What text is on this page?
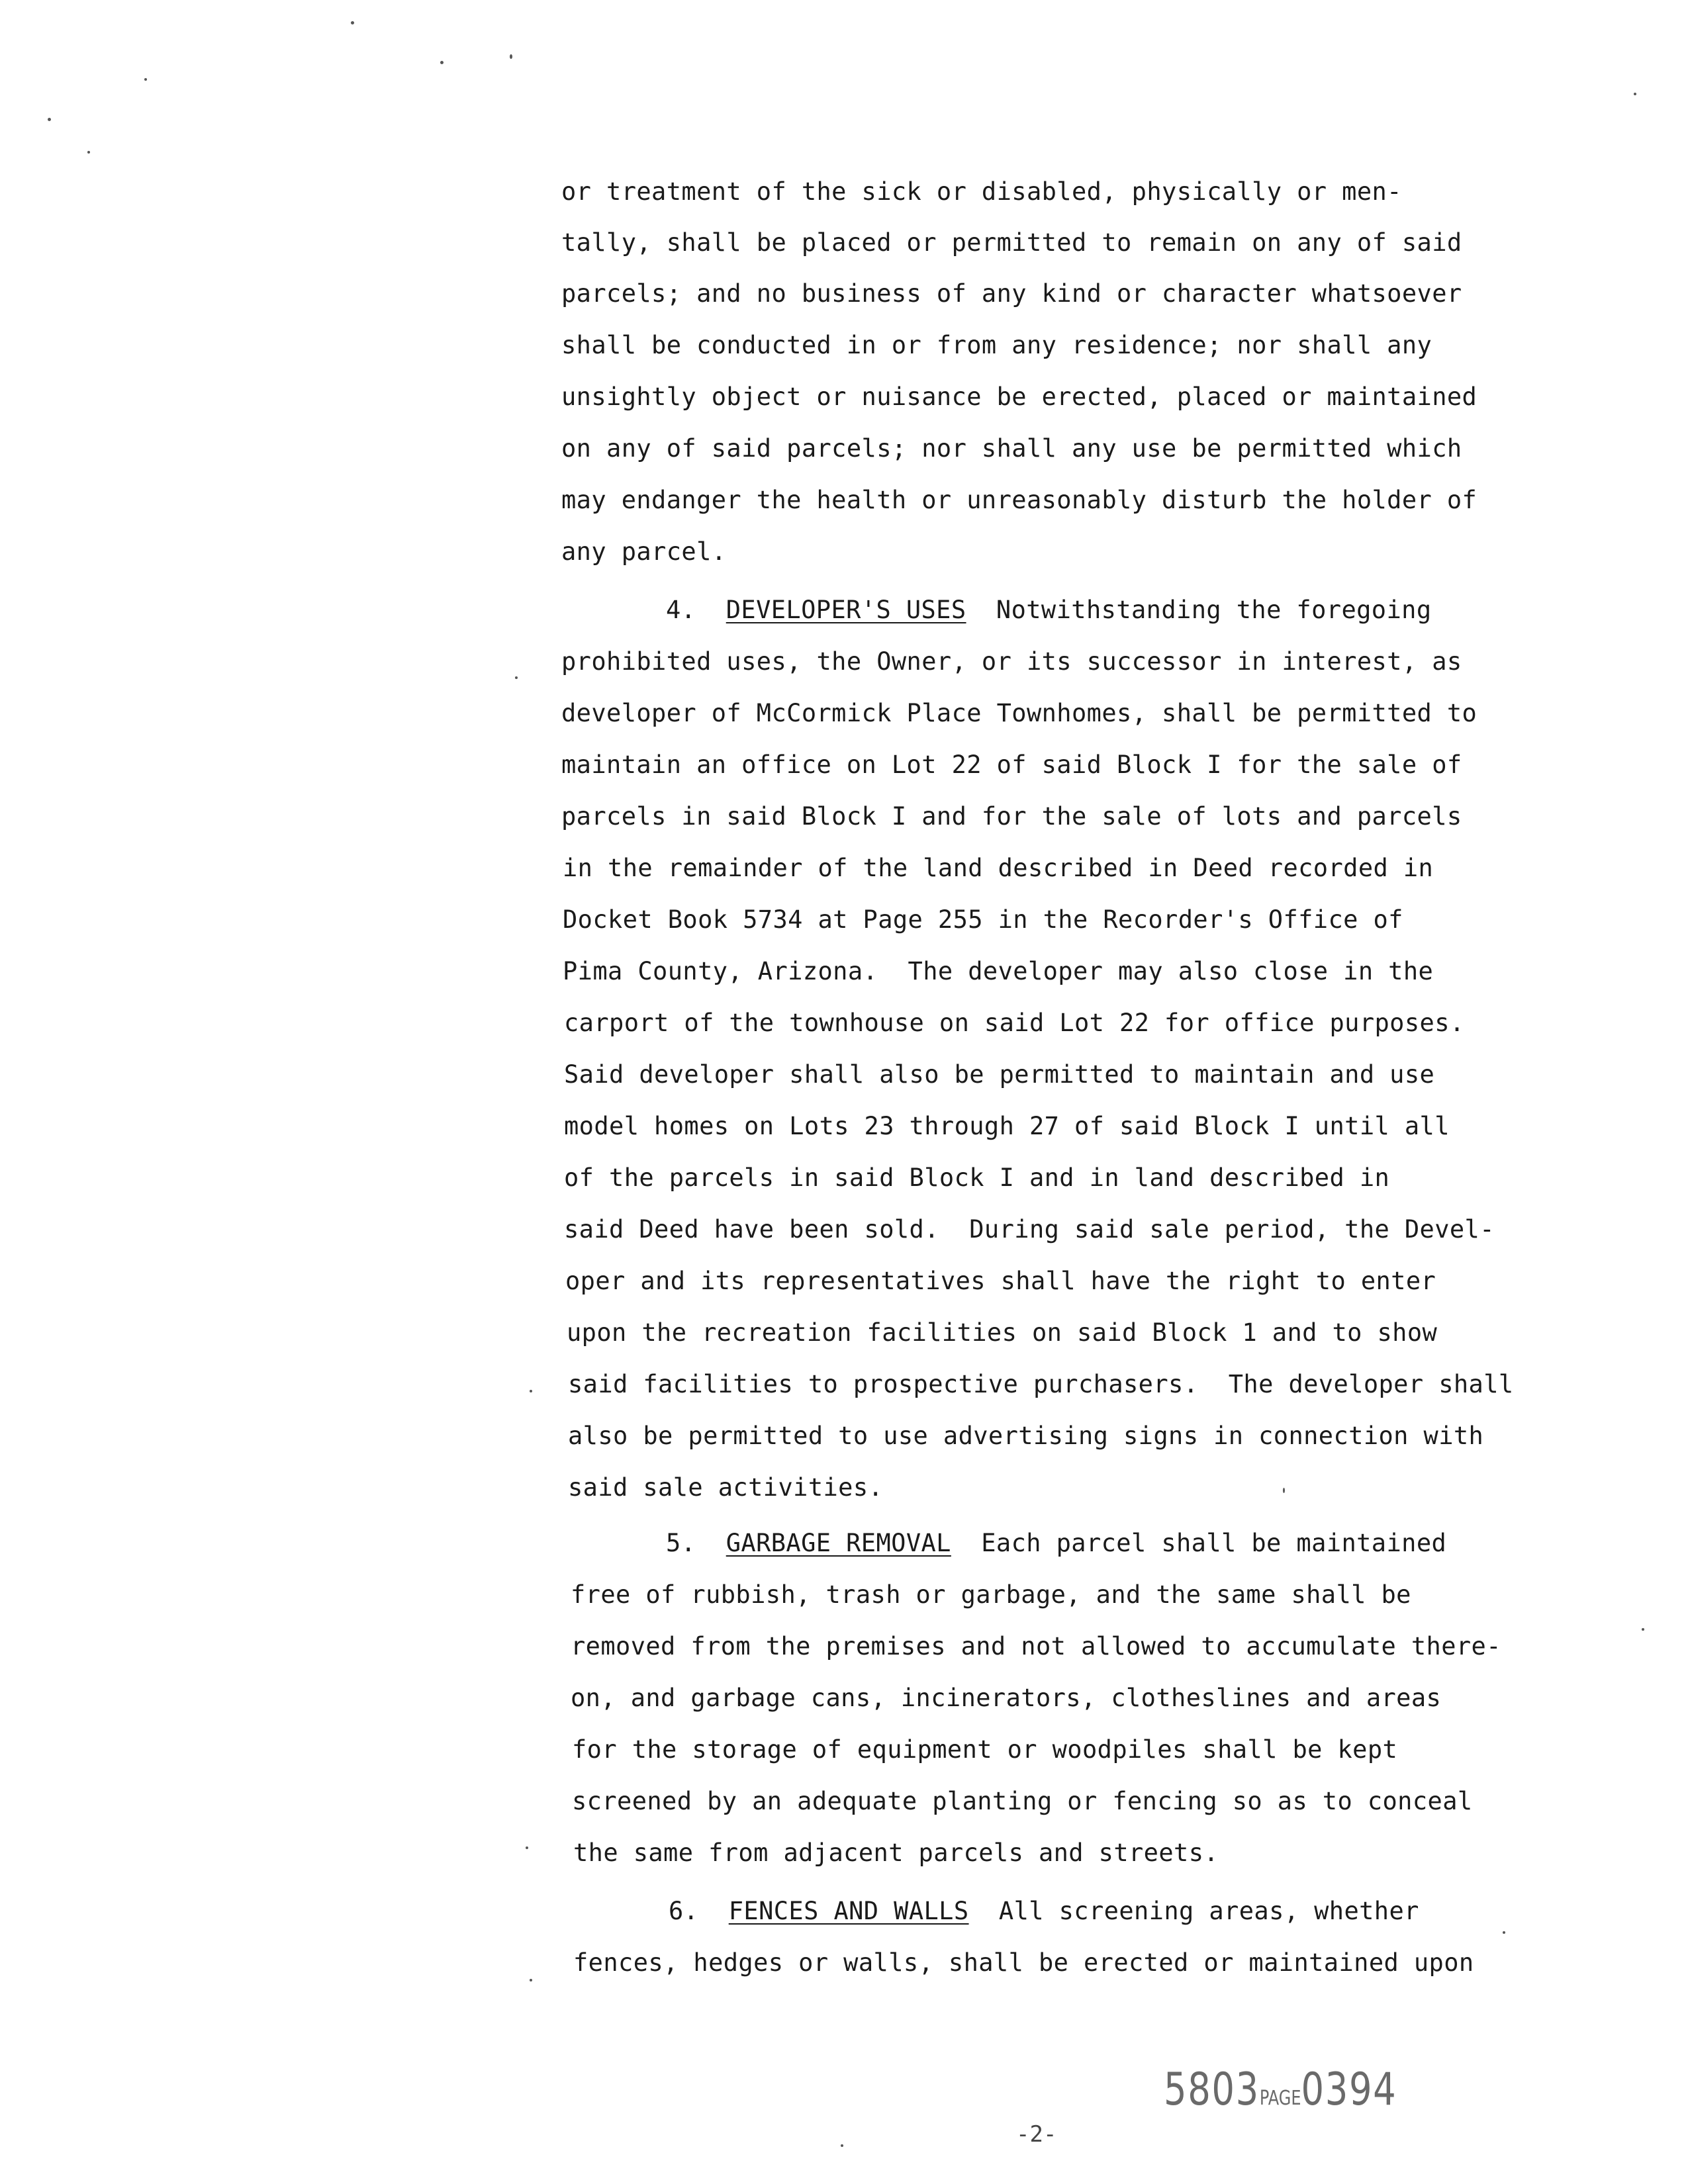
or treatment of the sick or disabled, physically or men-
tally, shall be placed or permitted to remain on any of said
parcels; and no business of any kind or character whatsoever
shall be conducted in or from any residence; nor shall any
unsightly object or nuisance be erected, placed or maintained
on any of said parcels; nor shall any use be permitted which
may endanger the health or unreasonably disturb the holder of
any parcel.
4. DEVELOPER'S USES Notwithstanding the foregoing
prohibited uses, the Owner, or its successor in interest, as
developer of McCormick Place Townhomes, shall be permitted to
maintain an office on Lot 22 of said Block I for the sale of
parcels in said Block I and for the sale of lots and parcels
in the remainder of the land described in Deed recorded in
Docket Book 5734 at Page 255 in the Recorder's Office of
Pima County, Arizona.  The developer may also close in the
carport of the townhouse on said Lot 22 for office purposes.
Said developer shall also be permitted to maintain and use
model homes on Lots 23 through 27 of said Block I until all
of the parcels in said Block I and in land described in
said Deed have been sold.  During said sale period, the Devel-
oper and its representatives shall have the right to enter
upon the recreation facilities on said Block 1 and to show
said facilities to prospective purchasers.  The developer shall
also be permitted to use advertising signs in connection with
said sale activities.
5. GARBAGE REMOVAL Each parcel shall be maintained
free of rubbish, trash or garbage, and the same shall be
removed from the premises and not allowed to accumulate there-
on, and garbage cans, incinerators, clotheslines and areas
for the storage of equipment or woodpiles shall be kept
screened by an adequate planting or fencing so as to conceal
the same from adjacent parcels and streets.
6. FENCES AND WALLS All screening areas, whether
fences, hedges or walls, shall be erected or maintained upon
-2-
5803PAGE0394
